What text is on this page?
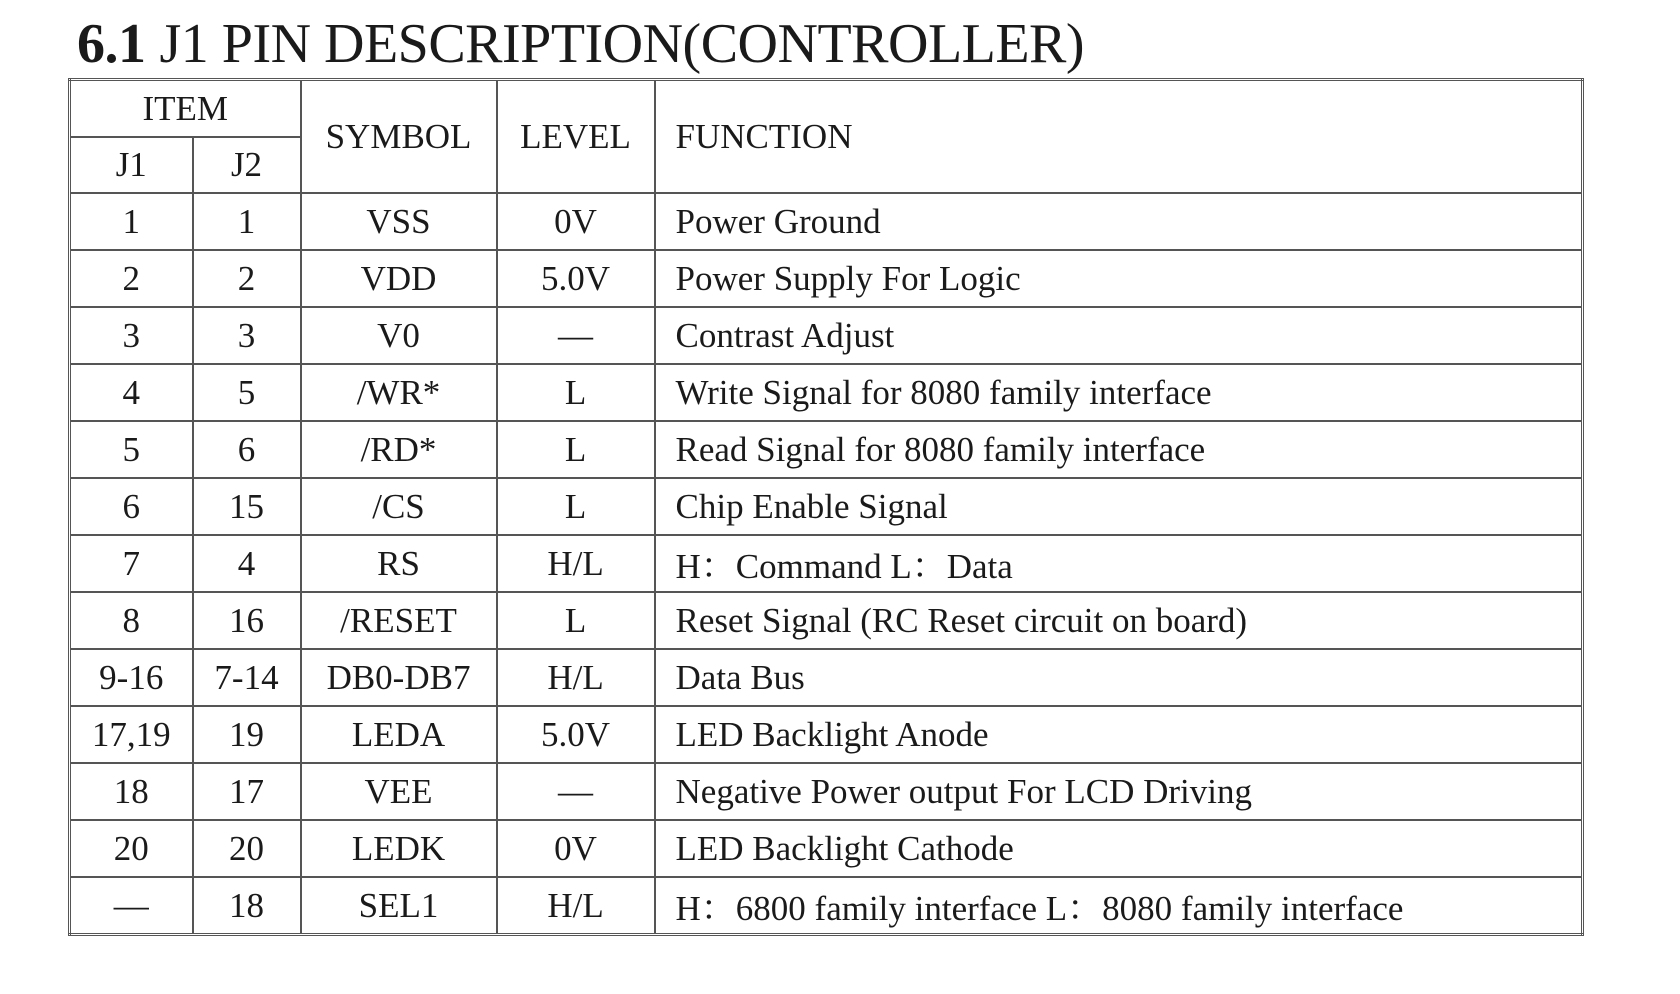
6.1 J1 PIN DESCRIPTION(CONTROLLER)
ITEM		SYMBOL	LEVEL	FUNCTION
J1	J2			
1	1	VSS	0V	Power Ground
2	2	VDD	5.0V	Power Supply For Logic
3	3	V0	—	Contrast Adjust
4	5	/WR*	L	Write Signal for 8080 family interface
5	6	/RD*	L	Read Signal for 8080 family interface
6	15	/CS	L	Chip Enable Signal
7	4	RS	H/L	H：Command L：Data
8	16	/RESET	L	Reset Signal (RC Reset circuit on board)
9-16	7-14	DB0-DB7	H/L	Data Bus
17,19	19	LEDA	5.0V	LED Backlight Anode
18	17	VEE	—	Negative Power output For LCD Driving
20	20	LEDK	0V	LED Backlight Cathode
—	18	SEL1	H/L	H：6800 family interface L：8080 family interface
